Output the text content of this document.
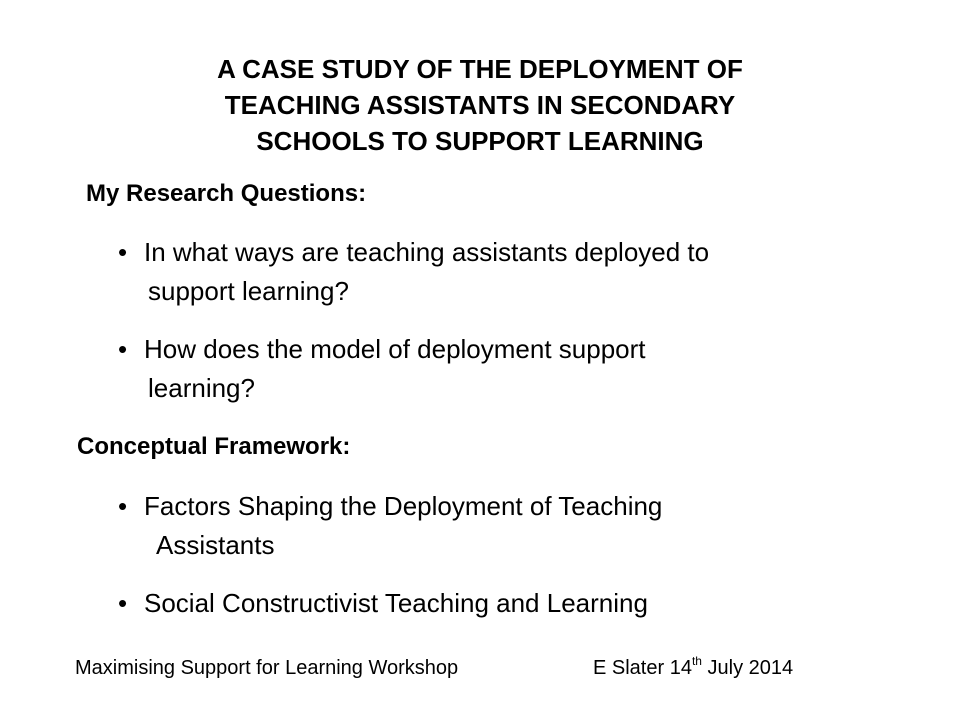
A CASE STUDY OF THE DEPLOYMENT OF
TEACHING ASSISTANTS IN SECONDARY
SCHOOLS TO SUPPORT LEARNING
My Research Questions:
• In what ways are teaching assistants deployed to
support learning?
• How does the model of deployment support
learning?
Conceptual Framework:
• Factors Shaping the Deployment of Teaching
Assistants
• Social Constructivist Teaching and Learning
Maximising Support for Learning Workshop	E Slater 14th July 2014
